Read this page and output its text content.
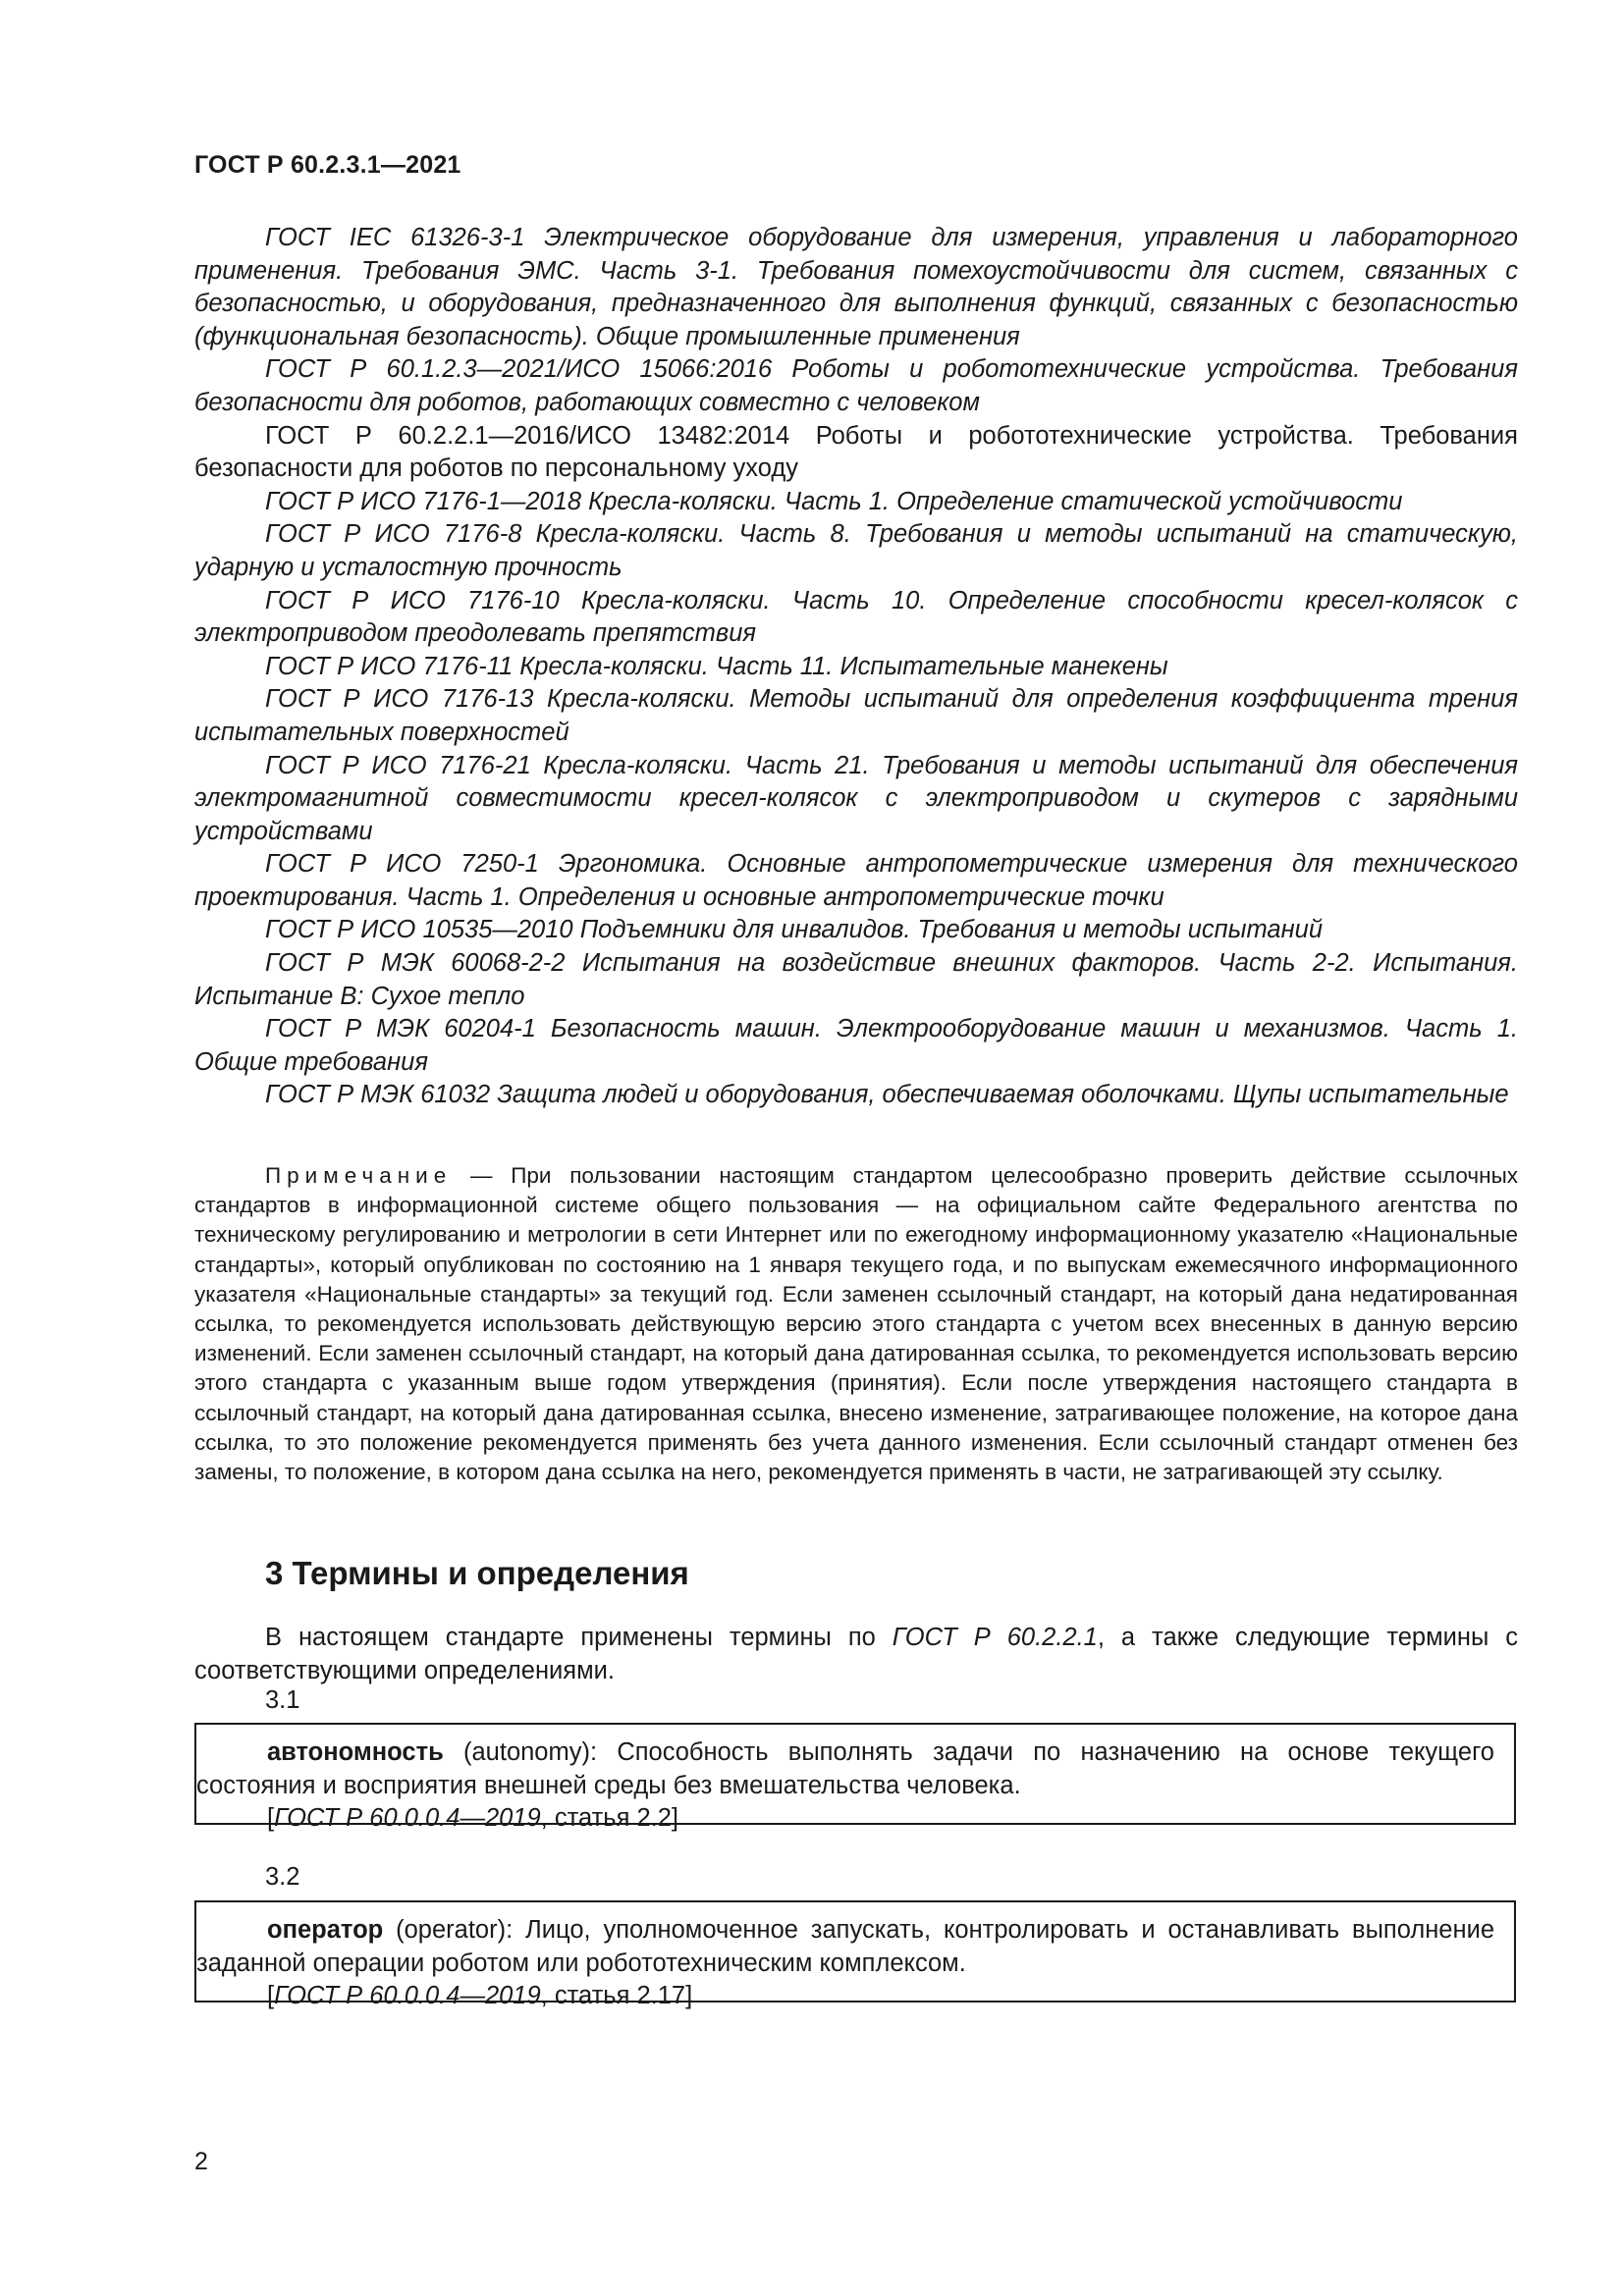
ГОСТ Р 60.2.3.1—2021

ГОСТ IEC 61326-3-1 Электрическое оборудование для измерения, управления и лабораторного применения. Требования ЭМС. Часть 3-1. Требования помехоустойчивости для систем, связанных с безопасностью, и оборудования, предназначенного для выполнения функций, связанных с безопасностью (функциональная безопасность). Общие промышленные применения

ГОСТ Р 60.1.2.3—2021/ИСО 15066:2016 Роботы и робототехнические устройства. Требования безопасности для роботов, работающих совместно с человеком

ГОСТ Р 60.2.2.1—2016/ИСО 13482:2014 Роботы и робототехнические устройства. Требования безопасности для роботов по персональному уходу

ГОСТ Р ИСО 7176-1—2018 Кресла-коляски. Часть 1. Определение статической устойчивости

ГОСТ Р ИСО 7176-8 Кресла-коляски. Часть 8. Требования и методы испытаний на статическую, ударную и усталостную прочность

ГОСТ Р ИСО 7176-10 Кресла-коляски. Часть 10. Определение способности кресел-колясок с электроприводом преодолевать препятствия

ГОСТ Р ИСО 7176-11 Кресла-коляски. Часть 11. Испытательные манекены

ГОСТ Р ИСО 7176-13 Кресла-коляски. Методы испытаний для определения коэффициента трения испытательных поверхностей

ГОСТ Р ИСО 7176-21 Кресла-коляски. Часть 21. Требования и методы испытаний для обеспечения электромагнитной совместимости кресел-колясок с электроприводом и скутеров с зарядными устройствами

ГОСТ Р ИСО 7250-1 Эргономика. Основные антропометрические измерения для технического проектирования. Часть 1. Определения и основные антропометрические точки

ГОСТ Р ИСО 10535—2010 Подъемники для инвалидов. Требования и методы испытаний

ГОСТ Р МЭК 60068-2-2 Испытания на воздействие внешних факторов. Часть 2-2. Испытания. Испытание В: Сухое тепло

ГОСТ Р МЭК 60204-1 Безопасность машин. Электрооборудование машин и механизмов. Часть 1. Общие требования

ГОСТ Р МЭК 61032 Защита людей и оборудования, обеспечиваемая оболочками. Щупы испытательные

Примечание — При пользовании настоящим стандартом целесообразно проверить действие ссылочных стандартов в информационной системе общего пользования — на официальном сайте Федерального агентства по техническому регулированию и метрологии в сети Интернет или по ежегодному информационному указателю «Национальные стандарты», который опубликован по состоянию на 1 января текущего года, и по выпускам ежемесячного информационного указателя «Национальные стандарты» за текущий год. Если заменен ссылочный стандарт, на который дана недатированная ссылка, то рекомендуется использовать действующую версию этого стандарта с учетом всех внесенных в данную версию изменений. Если заменен ссылочный стандарт, на который дана датированная ссылка, то рекомендуется использовать версию этого стандарта с указанным выше годом утверждения (принятия). Если после утверждения настоящего стандарта в ссылочный стандарт, на который дана датированная ссылка, внесено изменение, затрагивающее положение, на которое дана ссылка, то это положение рекомендуется применять без учета данного изменения. Если ссылочный стандарт отменен без замены, то положение, в котором дана ссылка на него, рекомендуется применять в части, не затрагивающей эту ссылку.

3 Термины и определения

В настоящем стандарте применены термины по ГОСТ Р 60.2.2.1, а также следующие термины с соответствующими определениями.

3.1

автономность (autonomy): Способность выполнять задачи по назначению на основе текущего состояния и восприятия внешней среды без вмешательства человека.

[ГОСТ Р 60.0.0.4—2019, статья 2.2]

3.2

оператор (operator): Лицо, уполномоченное запускать, контролировать и останавливать выполнение заданной операции роботом или робототехническим комплексом.

[ГОСТ Р 60.0.0.4—2019, статья 2.17]

2
